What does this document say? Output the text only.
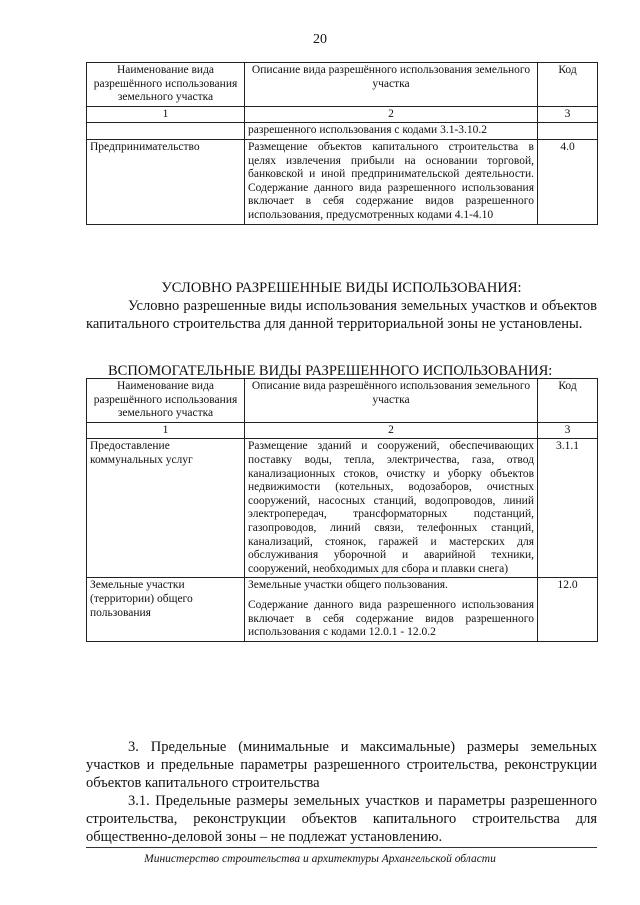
20
Наименование вида разрешённого использования земельного участка	Описание вида разрешённого использования земельного участка	Код
1	2	3
	разрешенного использования с кодами 3.1-3.10.2	
Предпринимательство	Размещение объектов капитального строительства в целях извлечения прибыли на основании торговой, банковской и иной предпринимательской деятельности. Содержание данного вида разрешенного использования включает в себя содержание видов разрешенного использования, предусмотренных кодами 4.1-4.10	4.0
УСЛОВНО РАЗРЕШЕННЫЕ ВИДЫ ИСПОЛЬЗОВАНИЯ:
Условно разрешенные виды использования земельных участков и объектов капитального строительства для данной территориальной зоны не установлены.
ВСПОМОГАТЕЛЬНЫЕ ВИДЫ РАЗРЕШЕННОГО ИСПОЛЬЗОВАНИЯ:
Наименование вида разрешённого использования земельного участка	Описание вида разрешённого использования земельного участка	Код
1	2	3
Предоставление коммунальных услуг	Размещение зданий и сооружений, обеспечивающих поставку воды, тепла, электричества, газа, отвод канализационных стоков, очистку и уборку объектов недвижимости (котельных, водозаборов, очистных сооружений, насосных станций, водопроводов, линий электропередач, трансформаторных подстанций, газопроводов, линий связи, телефонных станций, канализаций, стоянок, гаражей и мастерских для обслуживания уборочной и аварийной техники, сооружений, необходимых для сбора и плавки снега)	3.1.1
Земельные участки (территории) общего пользования	Земельные участки общего пользования.
Содержание данного вида разрешенного использования включает в себя содержание видов разрешенного использования с кодами 12.0.1 - 12.0.2	12.0
3. Предельные (минимальные и максимальные) размеры земельных участков и предельные параметры разрешенного строительства, реконструкции объектов капитального строительства
3.1. Предельные размеры земельных участков и параметры разрешенного строительства, реконструкции объектов капитального строительства для общественно-деловой зоны – не подлежат установлению.
Министерство строительства и архитектуры Архангельской области
